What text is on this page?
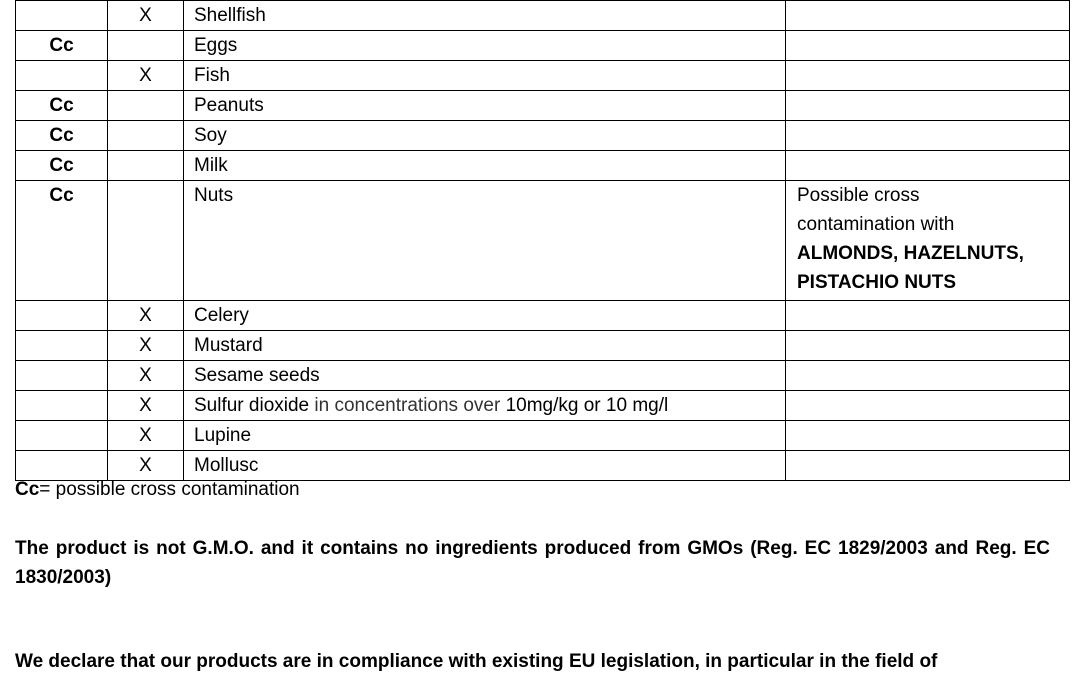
	X	Shellfish	
Cc		Eggs	
	X	Fish	
Cc		Peanuts	
Cc		Soy	
Cc		Milk	
Cc		Nuts	Possible cross
contamination with
ALMONDS, HAZELNUTS,
PISTACHIO NUTS

	X	Celery	
	X	Mustard	
	X	Sesame seeds	
	X	Sulfur dioxide in concentrations over 10mg/kg or 10 mg/l	
	X	Lupine	
	X	Mollusc	
Cc= possible cross contamination
The product is not G.M.O. and it contains no ingredients produced from GMOs (Reg. EC 1829/2003 and Reg. EC 1830/2003)
We declare that our products are in compliance with existing EU legislation, in particular in the field of
